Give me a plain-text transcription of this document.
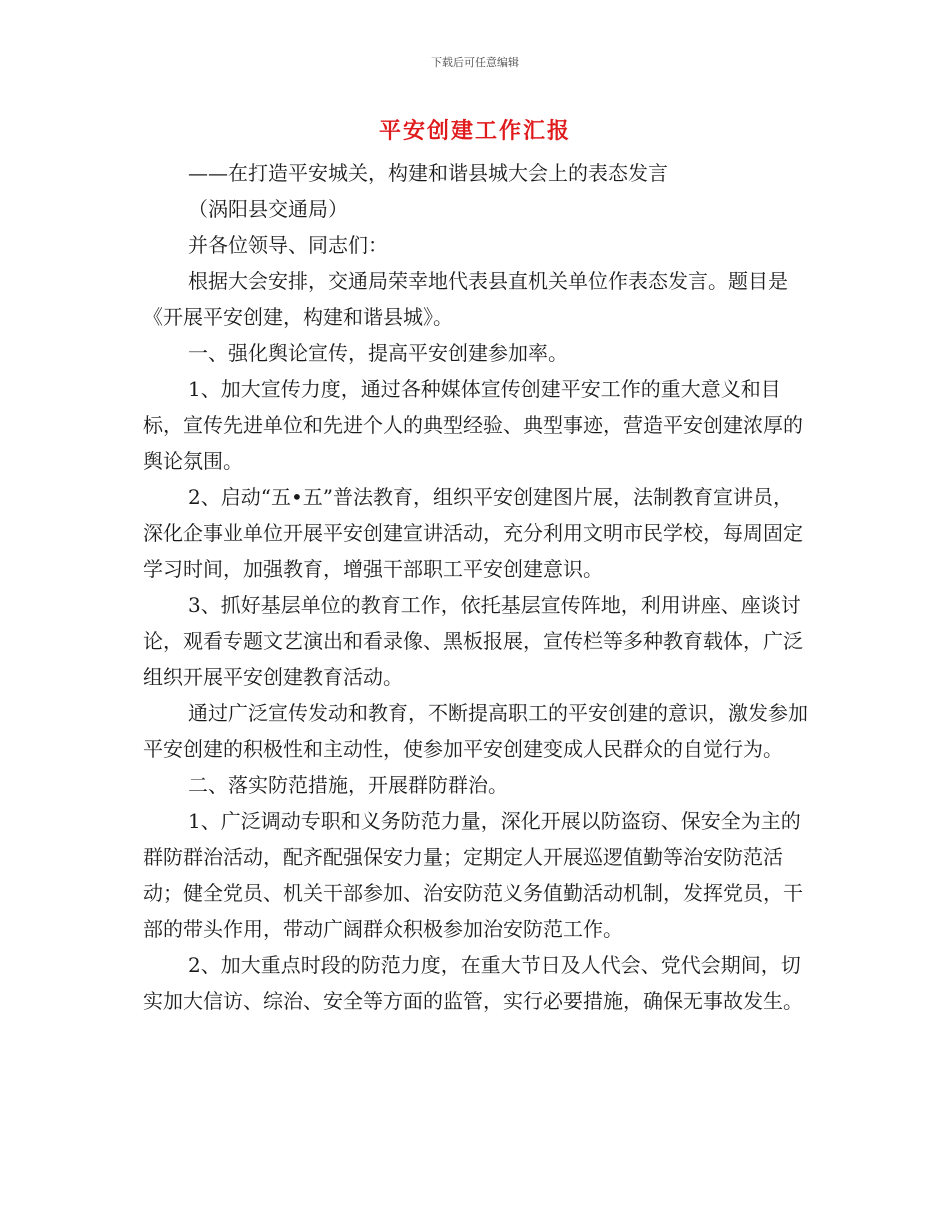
下载后可任意编辑
平安创建工作汇报

——在打造平安城关，构建和谐县城大会上的表态发言

（涡阳县交通局）

并各位领导、同志们：

根据大会安排，交通局荣幸地代表县直机关单位作表态发言。题目是《开展平安创建，构建和谐县城》。

一、强化舆论宣传，提高平安创建参加率。

1、加大宣传力度，通过各种媒体宣传创建平安工作的重大意义和目标，宣传先进单位和先进个人的典型经验、典型事迹，营造平安创建浓厚的舆论氛围。

2、启动“五•五”普法教育，组织平安创建图片展，法制教育宣讲员，深化企事业单位开展平安创建宣讲活动，充分利用文明市民学校，每周固定学习时间，加强教育，增强干部职工平安创建意识。

3、抓好基层单位的教育工作，依托基层宣传阵地，利用讲座、座谈讨论，观看专题文艺演出和看录像、黑板报展，宣传栏等多种教育载体，广泛组织开展平安创建教育活动。

通过广泛宣传发动和教育，不断提高职工的平安创建的意识，激发参加平安创建的积极性和主动性，使参加平安创建变成人民群众的自觉行为。

二、落实防范措施，开展群防群治。

1、广泛调动专职和义务防范力量，深化开展以防盗窃、保安全为主的群防群治活动，配齐配强保安力量；定期定人开展巡逻值勤等治安防范活动；健全党员、机关干部参加、治安防范义务值勤活动机制，发挥党员，干部的带头作用，带动广阔群众积极参加治安防范工作。

2、加大重点时段的防范力度，在重大节日及人代会、党代会期间，切实加大信访、综治、安全等方面的监管，实行必要措施，确保无事故发生。
